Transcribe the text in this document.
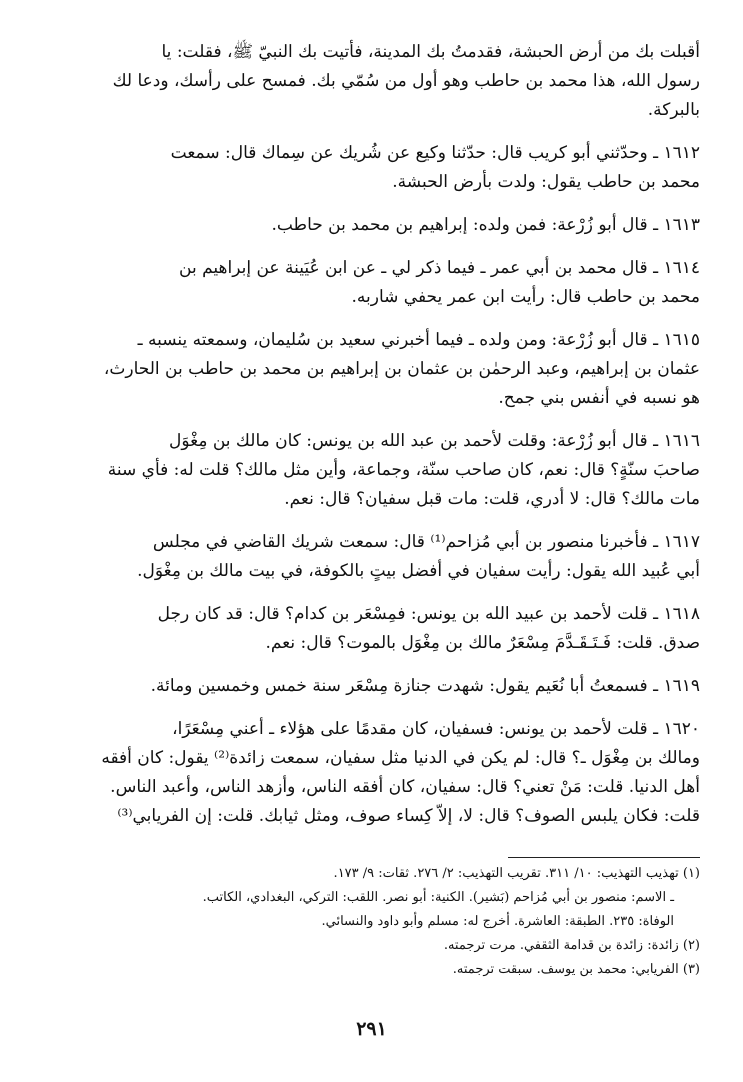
أقبلت بك من أرض الحبشة، فقدمتُ بك المدينة، فأتيت بك النبيّ ﷺ، فقلت: يا
رسول الله، هذا محمد بن حاطب وهو أول من سُمّي بك. فمسح على رأسك، ودعا لك
بالبركة.
١٦١٢ ـ وحدّثني أبو كريب قال: حدّثنا وكيع عن شُريك عن سِماك قال: سمعت
محمد بن حاطب يقول: ولدت بأرض الحبشة.
١٦١٣ ـ قال أبو زُرْعة: فمن ولده: إبراهيم بن محمد بن حاطب.
١٦١٤ ـ قال محمد بن أبي عمر ـ فيما ذكر لي ـ عن ابن عُيَينة عن إبراهيم بن
محمد بن حاطب قال: رأيت ابن عمر يحفي شاربه.
١٦١٥ ـ قال أبو زُرْعة: ومن ولده ـ فيما أخبرني سعيد بن سُليمان، وسمعته ينسبه ـ
عثمان بن إبراهيم، وعبد الرحمٰن بن عثمان بن إبراهيم بن محمد بن حاطب بن الحارث،
هو نسبه في أنفس بني جمح.
١٦١٦ ـ قال أبو زُرْعة: وقلت لأحمد بن عبد الله بن يونس: كان مالك بن مِغْوَل
صاحبَ سنّةٍ؟ قال: نعم، كان صاحب سنّة، وجماعة، وأين مثل مالك؟ قلت له: فأي سنة
مات مالك؟ قال: لا أدري، قلت: مات قبل سفيان؟ قال: نعم.
١٦١٧ ـ فأخبرنا منصور بن أبي مُزاحم⁽¹⁾ قال: سمعت شريك القاضي في مجلس
أبي عُبيد الله يقول: رأيت سفيان في أفضل بيتٍ بالكوفة، في بيت مالك بن مِغْوَل.
١٦١٨ ـ قلت لأحمد بن عبيد الله بن يونس: فمِسْعَر بن كدام؟ قال: قد كان رجل
صدق. قلت: فَـتَـقَـدَّمَ مِسْعَرٌ مالك بن مِغْوَل بالموت؟ قال: نعم.
١٦١٩ ـ فسمعتُ أبا نُعَيم يقول: شهدت جنازة مِسْعَر سنة خمس وخمسين ومائة.
١٦٢٠ ـ قلت لأحمد بن يونس: فسفيان، كان مقدمًا على هؤلاء ـ أعني مِسْعَرًا،
ومالك بن مِغْوَل ـ؟ قال: لم يكن في الدنيا مثل سفيان، سمعت زائدة⁽²⁾ يقول: كان أفقه
أهل الدنيا. قلت: مَنْ تعني؟ قال: سفيان، كان أفقه الناس، وأزهد الناس، وأعبد الناس.
قلت: فكان يلبس الصوف؟ قال: لا، إلاّ كِساء صوف، ومثل ثيابك. قلت: إن الفريابي⁽³⁾
(١) تهذيب التهذيب: ١٠/ ٣١١. تقريب التهذيب: ٢/ ٢٧٦. ثقات: ٩/ ١٧٣.
ـ الاسم: منصور بن أبي مُزاحم (بَشير). الكنية: أبو نصر. اللقب: التركي، البغدادي، الكاتب.
الوفاة: ٢٣٥. الطبقة: العاشرة. أخرج له: مسلم وأبو داود والنسائي.
(٢) زائدة: زائدة بن قدامة الثقفي. مرت ترجمته.
(٣) الفريابي: محمد بن يوسف. سبقت ترجمته.
٢٩١
